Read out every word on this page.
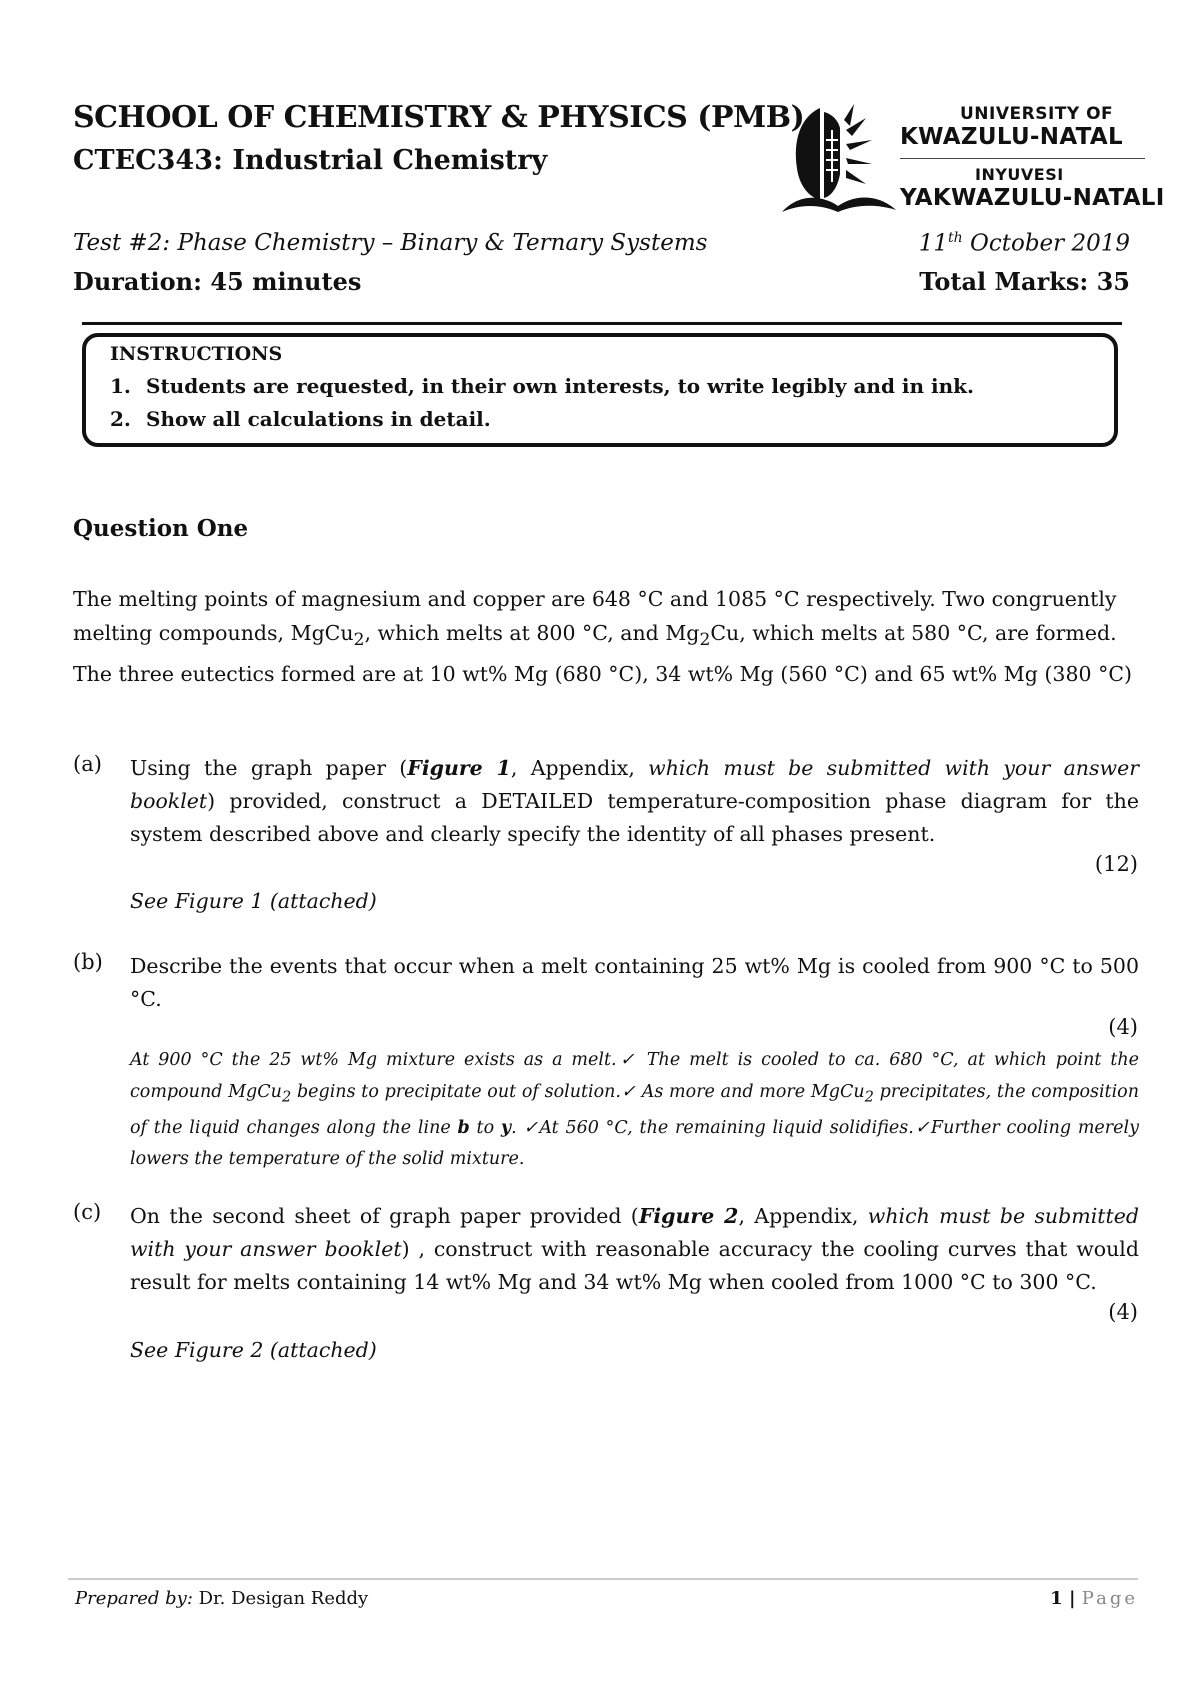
SCHOOL OF CHEMISTRY & PHYSICS (PMB)
CTEC343: Industrial Chemistry
UNIVERSITY OF
KWAZULU-NATAL
INYUVESI
YAKWAZULU-NATALI
Test #2: Phase Chemistry – Binary & Ternary Systems	11th October 2019
Duration: 45 minutes	Total Marks: 35
INSTRUCTIONS
1. Students are requested, in their own interests, to write legibly and in ink.
2. Show all calculations in detail.
Question One
The melting points of magnesium and copper are 648 °C and 1085 °C respectively. Two congruently melting compounds, MgCu$_2$, which melts at 800 °C, and $Mg_2Cu$, which melts at 580 °C, are formed. The three eutectics formed are at 10 wt% Mg (680 °C), 34 wt% Mg (560 °C) and 65 wt% Mg (380 °C)
(a) Using the graph paper (Figure 1, Appendix, which must be submitted with your answer booklet) provided, construct a DETAILED temperature-composition phase diagram for the system described above and clearly specify the identity of all phases present.
(12)
See Figure 1 (attached)
(b) Describe the events that occur when a melt containing 25 wt% Mg is cooled from 900 °C to 500 °C.
(4)
At 900 °C the 25 wt% Mg mixture exists as a melt.✓ The melt is cooled to ca. 680 °C, at which point the compound MgCu$_2$ begins to precipitate out of solution.✓ As more and more MgCu$_2$ precipitates, the composition of the liquid changes along the line b to y. ✓At 560 °C, the remaining liquid solidifies.✓Further cooling merely lowers the temperature of the solid mixture.
(c) On the second sheet of graph paper provided (Figure 2, Appendix, which must be submitted with your answer booklet) , construct with reasonable accuracy the cooling curves that would result for melts containing 14 wt% Mg and 34 wt% Mg when cooled from 1000 °C to 300 °C.
(4)
See Figure 2 (attached)
Prepared by: Dr. Desigan Reddy	1 | Page
